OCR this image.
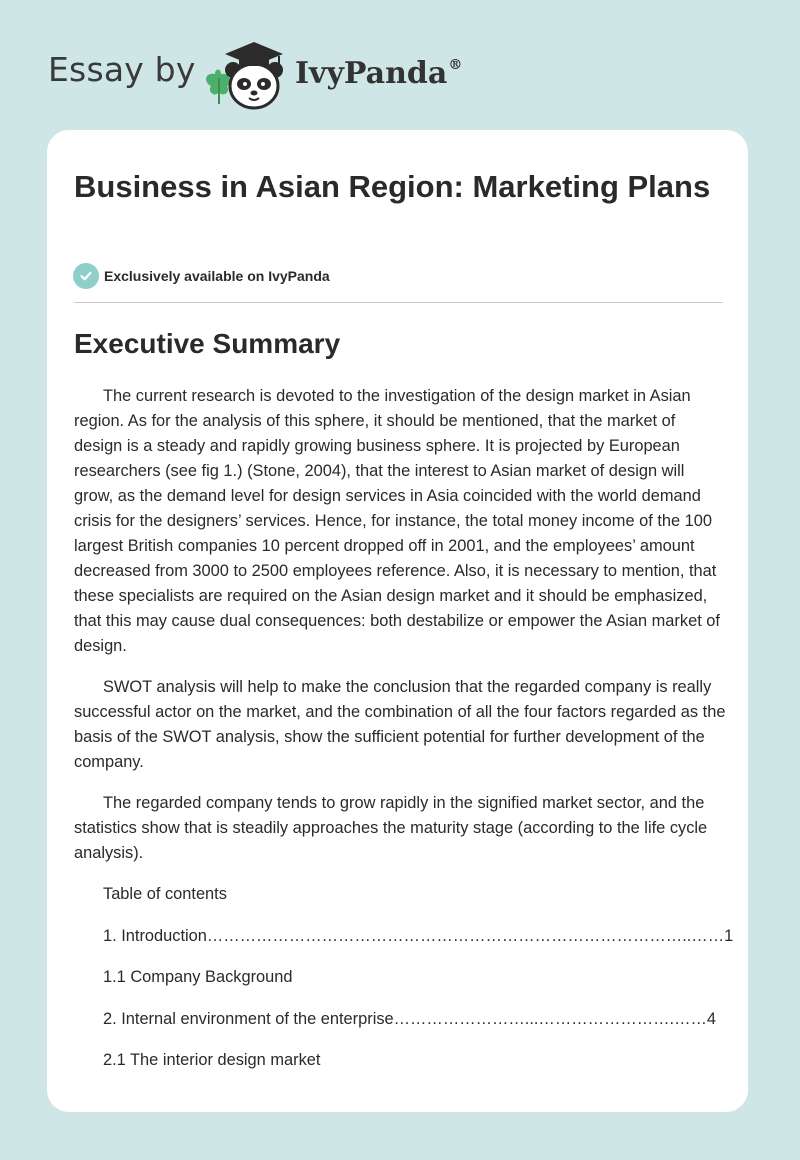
Essay by	IvyPanda®
Business in Asian Region: Marketing Plans
Exclusively available on IvyPanda
Executive Summary

The current research is devoted to the investigation of the design market in Asian region. As for the analysis of this sphere, it should be mentioned, that the market of design is a steady and rapidly growing business sphere. It is projected by European researchers (see fig 1.) (Stone, 2004), that the interest to Asian market of design will grow, as the demand level for design services in Asia coincided with the world demand crisis for the designers’ services. Hence, for instance, the total money income of the 100 largest British companies 10 percent dropped off in 2001, and the employees’ amount decreased from 3000 to 2500 employees reference. Also, it is necessary to mention, that these specialists are required on the Asian design market and it should be emphasized, that this may cause dual consequences: both destabilize or empower the Asian market of design.

SWOT analysis will help to make the conclusion that the regarded company is really successful actor on the market, and the combination of all the four factors regarded as the basis of the SWOT analysis, show the sufficient potential for further development of the company.

The regarded company tends to grow rapidly in the signified market sector, and the statistics show that is steadily approaches the maturity stage (according to the life cycle analysis).

Table of contents

1. Introduction……………………………………………………………………………..……1

1.1 Company Background

2. Internal environment of the enterprise……………………...…………………….……4

2.1 The interior design market
